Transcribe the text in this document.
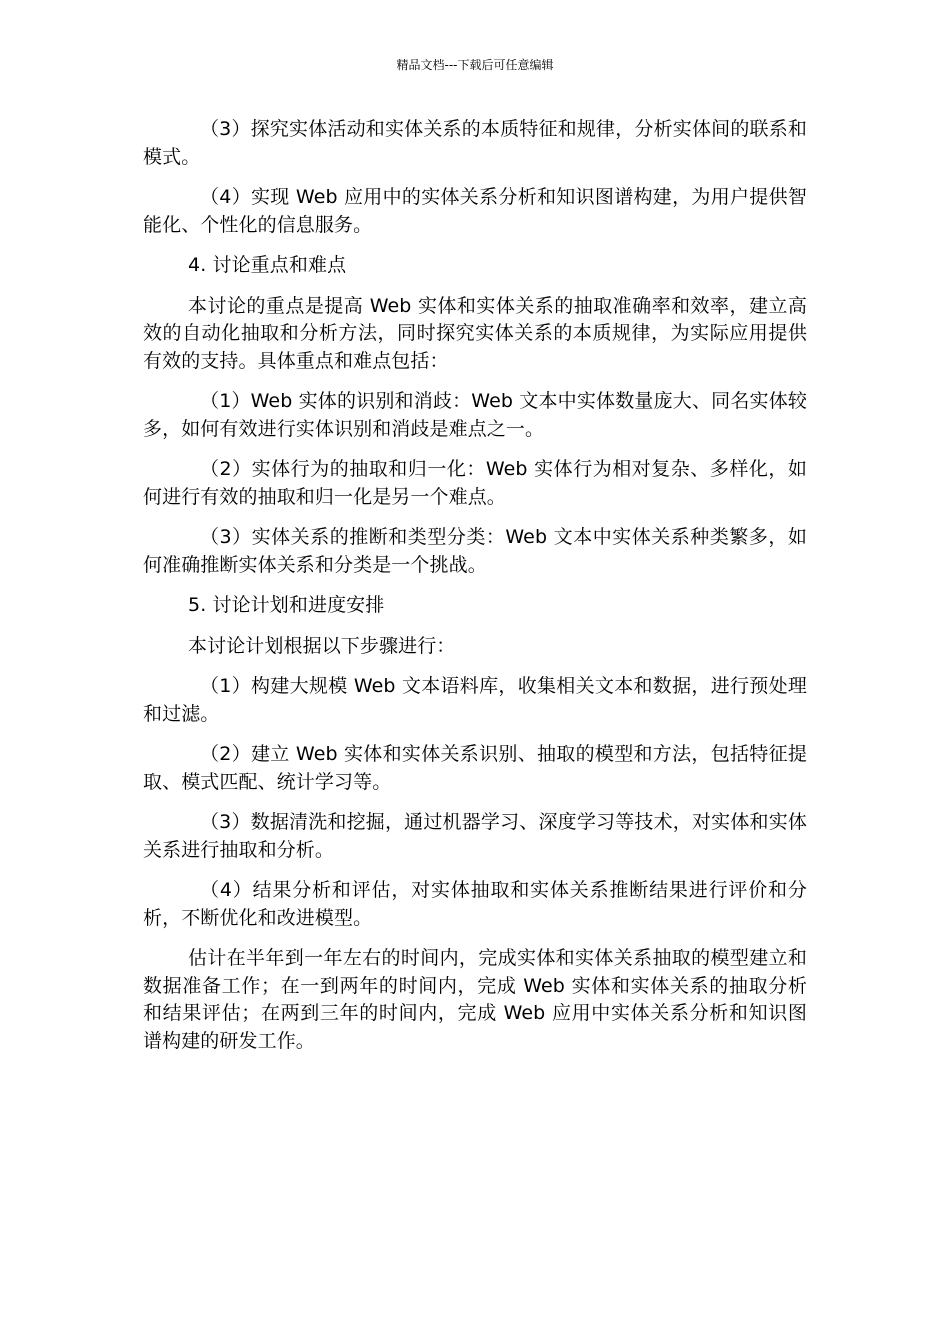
精品文档---下载后可任意编辑

（3）探究实体活动和实体关系的本质特征和规律，分析实体间的联系和模式。

（4）实现 Web 应用中的实体关系分析和知识图谱构建，为用户提供智能化、个性化的信息服务。

4. 讨论重点和难点

本讨论的重点是提高 Web 实体和实体关系的抽取准确率和效率，建立高效的自动化抽取和分析方法，同时探究实体关系的本质规律，为实际应用提供有效的支持。具体重点和难点包括：

（1）Web 实体的识别和消歧：Web 文本中实体数量庞大、同名实体较多，如何有效进行实体识别和消歧是难点之一。

（2）实体行为的抽取和归一化：Web 实体行为相对复杂、多样化，如何进行有效的抽取和归一化是另一个难点。

（3）实体关系的推断和类型分类：Web 文本中实体关系种类繁多，如何准确推断实体关系和分类是一个挑战。

5. 讨论计划和进度安排

本讨论计划根据以下步骤进行：

（1）构建大规模 Web 文本语料库，收集相关文本和数据，进行预处理和过滤。

（2）建立 Web 实体和实体关系识别、抽取的模型和方法，包括特征提取、模式匹配、统计学习等。

（3）数据清洗和挖掘，通过机器学习、深度学习等技术，对实体和实体关系进行抽取和分析。

（4）结果分析和评估，对实体抽取和实体关系推断结果进行评价和分析，不断优化和改进模型。

估计在半年到一年左右的时间内，完成实体和实体关系抽取的模型建立和数据准备工作；在一到两年的时间内，完成 Web 实体和实体关系的抽取分析和结果评估；在两到三年的时间内，完成 Web 应用中实体关系分析和知识图谱构建的研发工作。
